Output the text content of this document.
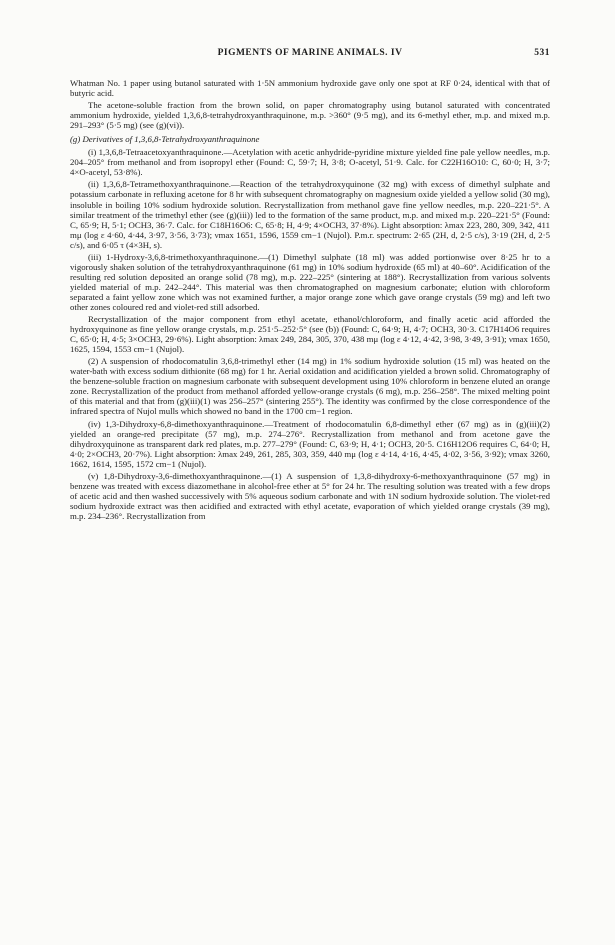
PIGMENTS OF MARINE ANIMALS. IV	531

Whatman No. 1 paper using butanol saturated with 1·5N ammonium hydroxide gave only one spot at RF 0·24, identical with that of butyric acid.

The acetone-soluble fraction from the brown solid, on paper chromatography using butanol saturated with concentrated ammonium hydroxide, yielded 1,3,6,8-tetrahydroxyanthraquinone, m.p. >360° (9·5 mg), and its 6-methyl ether, m.p. and mixed m.p. 291–293° (5·5 mg) (see (g)(vi)).

(g) Derivatives of 1,3,6,8-Tetrahydroxyanthraquinone

(i) 1,3,6,8-Tetraacetoxyanthraquinone.—Acetylation with acetic anhydride-pyridine mixture yielded fine pale yellow needles, m.p. 204–205° from methanol and from isopropyl ether (Found: C, 59·7; H, 3·8; O-acetyl, 51·9. Calc. for C22H16O10: C, 60·0; H, 3·7; 4×O-acetyl, 53·8%).

(ii) 1,3,6,8-Tetramethoxyanthraquinone.—Reaction of the tetrahydroxyquinone (32 mg) with excess of dimethyl sulphate and potassium carbonate in refluxing acetone for 8 hr with subsequent chromatography on magnesium oxide yielded a yellow solid (30 mg), insoluble in boiling 10% sodium hydroxide solution. Recrystallization from methanol gave fine yellow needles, m.p. 220–221·5°. A similar treatment of the trimethyl ether (see (g)(iii)) led to the formation of the same product, m.p. and mixed m.p. 220–221·5° (Found: C, 65·9; H, 5·1; OCH3, 36·7. Calc. for C18H16O6: C, 65·8; H, 4·9; 4×OCH3, 37·8%). Light absorption: λmax 223, 280, 309, 342, 411 mμ (log ε 4·60, 4·44, 3·97, 3·56, 3·73); νmax 1651, 1596, 1559 cm−1 (Nujol). P.m.r. spectrum: 2·65 (2H, d, 2·5 c/s), 3·19 (2H, d, 2·5 c/s), and 6·05 τ (4×3H, s).

(iii) 1-Hydroxy-3,6,8-trimethoxyanthraquinone.—(1) Dimethyl sulphate (18 ml) was added portionwise over 8·25 hr to a vigorously shaken solution of the tetrahydroxyanthraquinone (61 mg) in 10% sodium hydroxide (65 ml) at 40–60°. Acidification of the resulting red solution deposited an orange solid (78 mg), m.p. 222–225° (sintering at 188°). Recrystallization from various solvents yielded material of m.p. 242–244°. This material was then chromatographed on magnesium carbonate; elution with chloroform separated a faint yellow zone which was not examined further, a major orange zone which gave orange crystals (59 mg) and left two other zones coloured red and violet-red still adsorbed.

Recrystallization of the major component from ethyl acetate, ethanol/chloroform, and finally acetic acid afforded the hydroxyquinone as fine yellow orange crystals, m.p. 251·5–252·5° (see (b)) (Found: C, 64·9; H, 4·7; OCH3, 30·3. C17H14O6 requires C, 65·0; H, 4·5; 3×OCH3, 29·6%). Light absorption: λmax 249, 284, 305, 370, 438 mμ (log ε 4·12, 4·42, 3·98, 3·49, 3·91); νmax 1650, 1625, 1594, 1553 cm−1 (Nujol).

(2) A suspension of rhodocomatulin 3,6,8-trimethyl ether (14 mg) in 1% sodium hydroxide solution (15 ml) was heated on the water-bath with excess sodium dithionite (68 mg) for 1 hr. Aerial oxidation and acidification yielded a brown solid. Chromatography of the benzene-soluble fraction on magnesium carbonate with subsequent development using 10% chloroform in benzene eluted an orange zone. Recrystallization of the product from methanol afforded yellow-orange crystals (6 mg), m.p. 256–258°. The mixed melting point of this material and that from (g)(iii)(1) was 256–257° (sintering 255°). The identity was confirmed by the close correspondence of the infrared spectra of Nujol mulls which showed no band in the 1700 cm−1 region.

(iv) 1,3-Dihydroxy-6,8-dimethoxyanthraquinone.—Treatment of rhodocomatulin 6,8-dimethyl ether (67 mg) as in (g)(iii)(2) yielded an orange-red precipitate (57 mg), m.p. 274–276°. Recrystallization from methanol and from acetone gave the dihydroxyquinone as transparent dark red plates, m.p. 277–279° (Found: C, 63·9; H, 4·1; OCH3, 20·5. C16H12O6 requires C, 64·0; H, 4·0; 2×OCH3, 20·7%). Light absorption: λmax 249, 261, 285, 303, 359, 440 mμ (log ε 4·14, 4·16, 4·45, 4·02, 3·56, 3·92); νmax 3260, 1662, 1614, 1595, 1572 cm−1 (Nujol).

(v) 1,8-Dihydroxy-3,6-dimethoxyanthraquinone.—(1) A suspension of 1,3,8-dihydroxy-6-methoxyanthraquinone (57 mg) in benzene was treated with excess diazomethane in alcohol-free ether at 5° for 24 hr. The resulting solution was treated with a few drops of acetic acid and then washed successively with 5% aqueous sodium carbonate and with 1N sodium hydroxide solution. The violet-red sodium hydroxide extract was then acidified and extracted with ethyl acetate, evaporation of which yielded orange crystals (39 mg), m.p. 234–236°. Recrystallization from
